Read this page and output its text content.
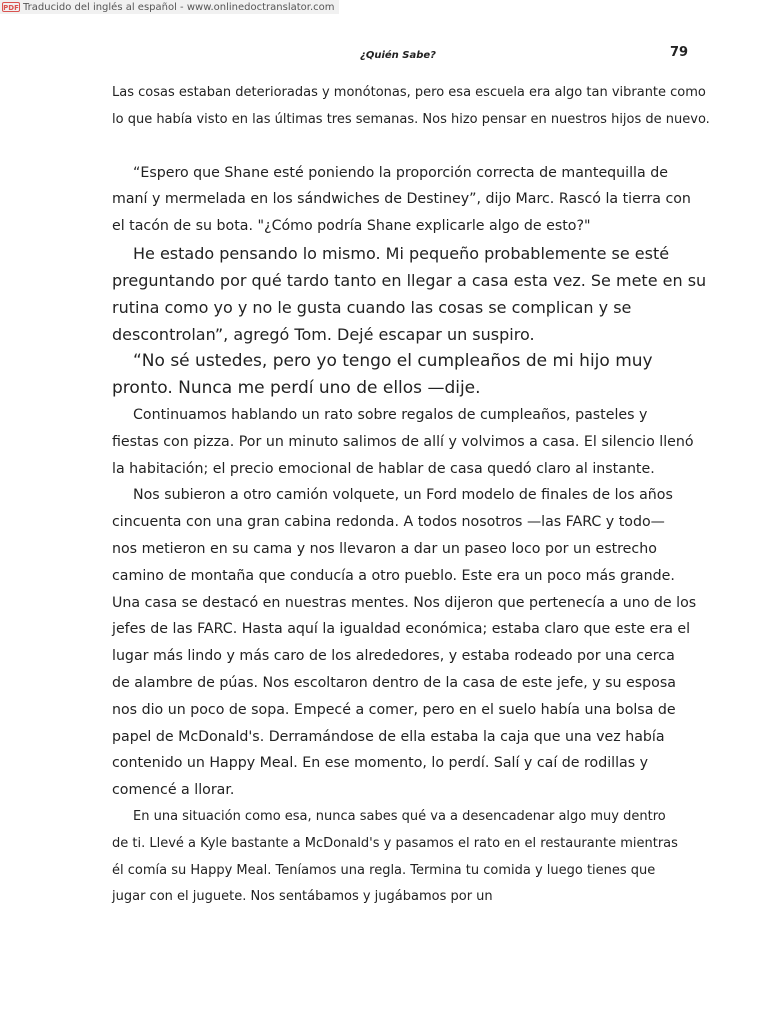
PDF Traducido del inglés al español - www.onlinedoctranslator.com
¿Quién Sabe?	79

Las cosas estaban deterioradas y monótonas, pero esa escuela era algo tan vibrante como

lo que había visto en las últimas tres semanas. Nos hizo pensar en nuestros hijos de nuevo.

“Espero que Shane esté poniendo la proporción correcta de mantequilla de

maní y mermelada en los sándwiches de Destiney”, dijo Marc. Rascó la tierra con

el tacón de su bota. "¿Cómo podría Shane explicarle algo de esto?"

He estado pensando lo mismo. Mi pequeño probablemente se esté

preguntando por qué tardo tanto en llegar a casa esta vez. Se mete en su

rutina como yo y no le gusta cuando las cosas se complican y se

descontrolan”, agregó Tom. Dejé escapar un suspiro.

“No sé ustedes, pero yo tengo el cumpleaños de mi hijo muy

pronto. Nunca me perdí uno de ellos —dije.

Continuamos hablando un rato sobre regalos de cumpleaños, pasteles y

fiestas con pizza. Por un minuto salimos de allí y volvimos a casa. El silencio llenó

la habitación; el precio emocional de hablar de casa quedó claro al instante.

Nos subieron a otro camión volquete, un Ford modelo de finales de los años

cincuenta con una gran cabina redonda. A todos nosotros —las FARC y todo—

nos metieron en su cama y nos llevaron a dar un paseo loco por un estrecho

camino de montaña que conducía a otro pueblo. Este era un poco más grande.

Una casa se destacó en nuestras mentes. Nos dijeron que pertenecía a uno de los

jefes de las FARC. Hasta aquí la igualdad económica; estaba claro que este era el

lugar más lindo y más caro de los alrededores, y estaba rodeado por una cerca

de alambre de púas. Nos escoltaron dentro de la casa de este jefe, y su esposa

nos dio un poco de sopa. Empecé a comer, pero en el suelo había una bolsa de

papel de McDonald's. Derramándose de ella estaba la caja que una vez había

contenido un Happy Meal. En ese momento, lo perdí. Salí y caí de rodillas y

comencé a llorar.

En una situación como esa, nunca sabes qué va a desencadenar algo muy dentro

de ti. Llevé a Kyle bastante a McDonald's y pasamos el rato en el restaurante mientras

él comía su Happy Meal. Teníamos una regla. Termina tu comida y luego tienes que

jugar con el juguete. Nos sentábamos y jugábamos por un
